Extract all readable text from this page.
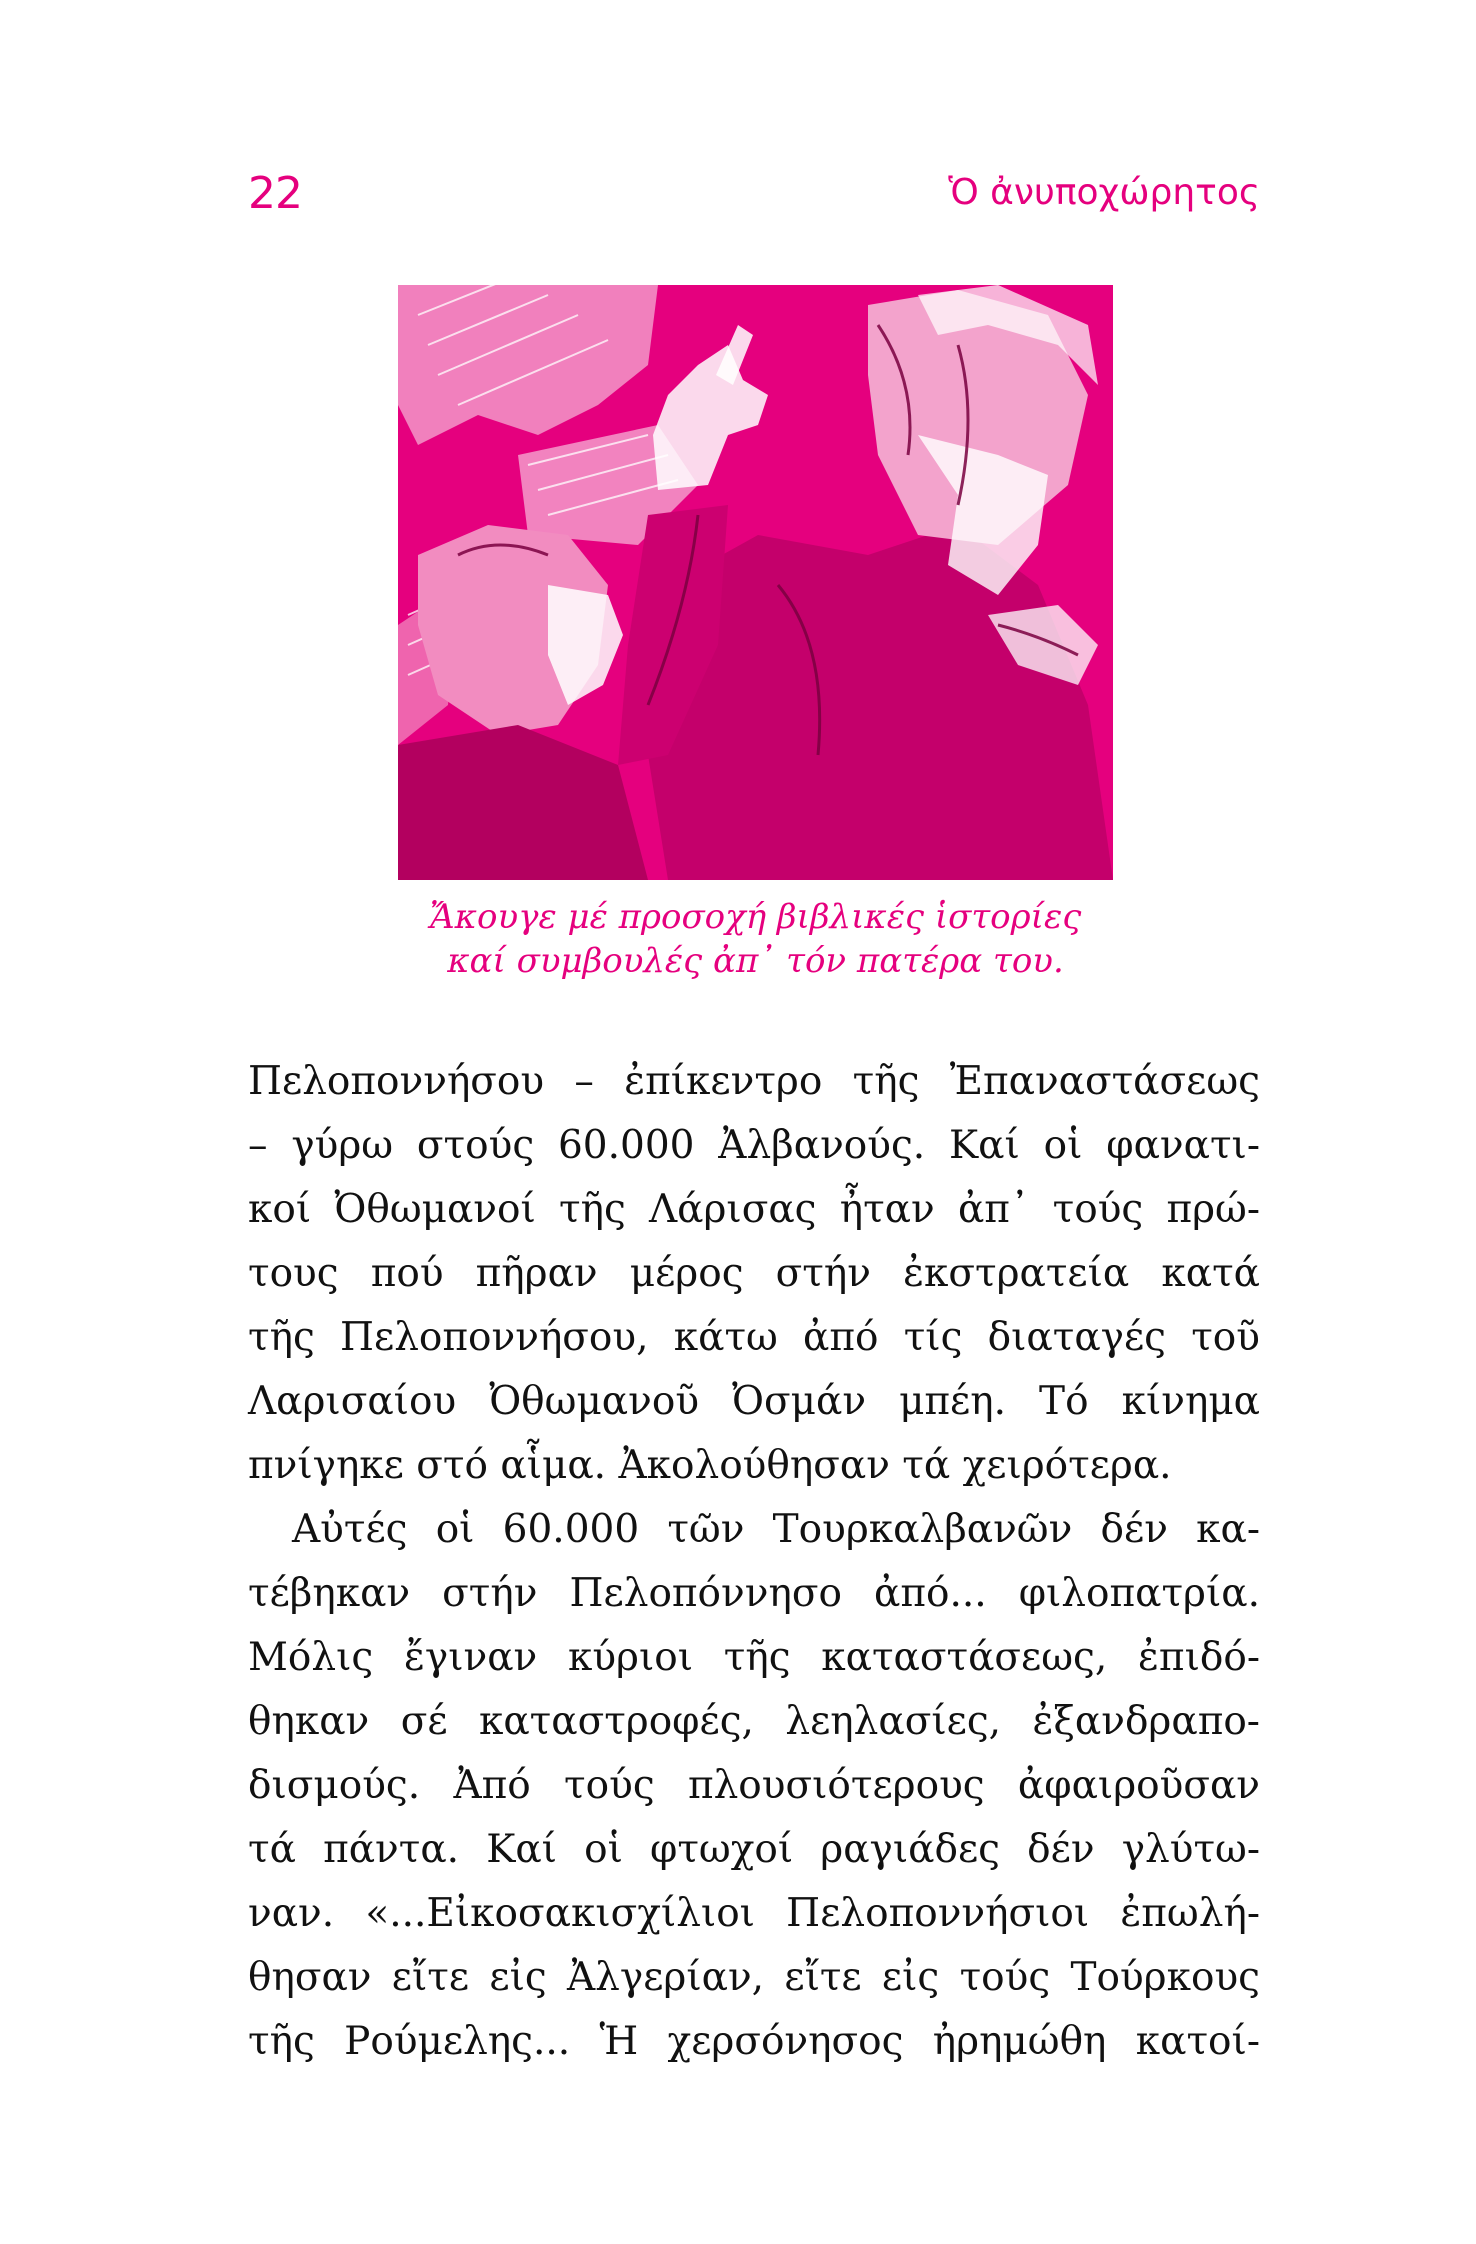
22	Ὁ ἀνυποχώρητος
Ἄκουγε μέ προσοχή βιβλικές ἱστορίες
καί συμβουλές ἀπ᾽ τόν πατέρα του.
Πελοποννήσου – ἐπίκεντρο τῆς Ἐπαναστάσεως
– γύρω στούς 60.000 Ἀλβανούς. Καί οἱ φανατι-
κοί Ὀθωμανοί τῆς Λάρισας ἦταν ἀπ᾽ τούς πρώ-
τους πού πῆραν μέρος στήν ἐκστρατεία κατά
τῆς Πελοποννήσου, κάτω ἀπό τίς διαταγές τοῦ
Λαρισαίου Ὀθωμανοῦ Ὀσμάν μπέη. Τό κίνημα
πνίγηκε στό αἷμα. Ἀκολούθησαν τά χειρότερα.
Αὐτές οἱ 60.000 τῶν Τουρκαλβανῶν δέν κα-
τέβηκαν στήν Πελοπόννησο ἀπό... φιλοπατρία.
Μόλις ἔγιναν κύριοι τῆς καταστάσεως, ἐπιδό-
θηκαν σέ καταστροφές, λεηλασίες, ἐξανδραπο-
δισμούς. Ἀπό τούς πλουσιότερους ἀφαιροῦσαν
τά πάντα. Καί οἱ φτωχοί ραγιάδες δέν γλύτω-
ναν. «...Εἰκοσακισχίλιοι Πελοποννήσιοι ἐπωλή-
θησαν εἴτε εἰς Ἀλγερίαν, εἴτε εἰς τούς Τούρκους
τῆς Ρούμελης... Ἡ χερσόνησος ἠρημώθη κατοί-
